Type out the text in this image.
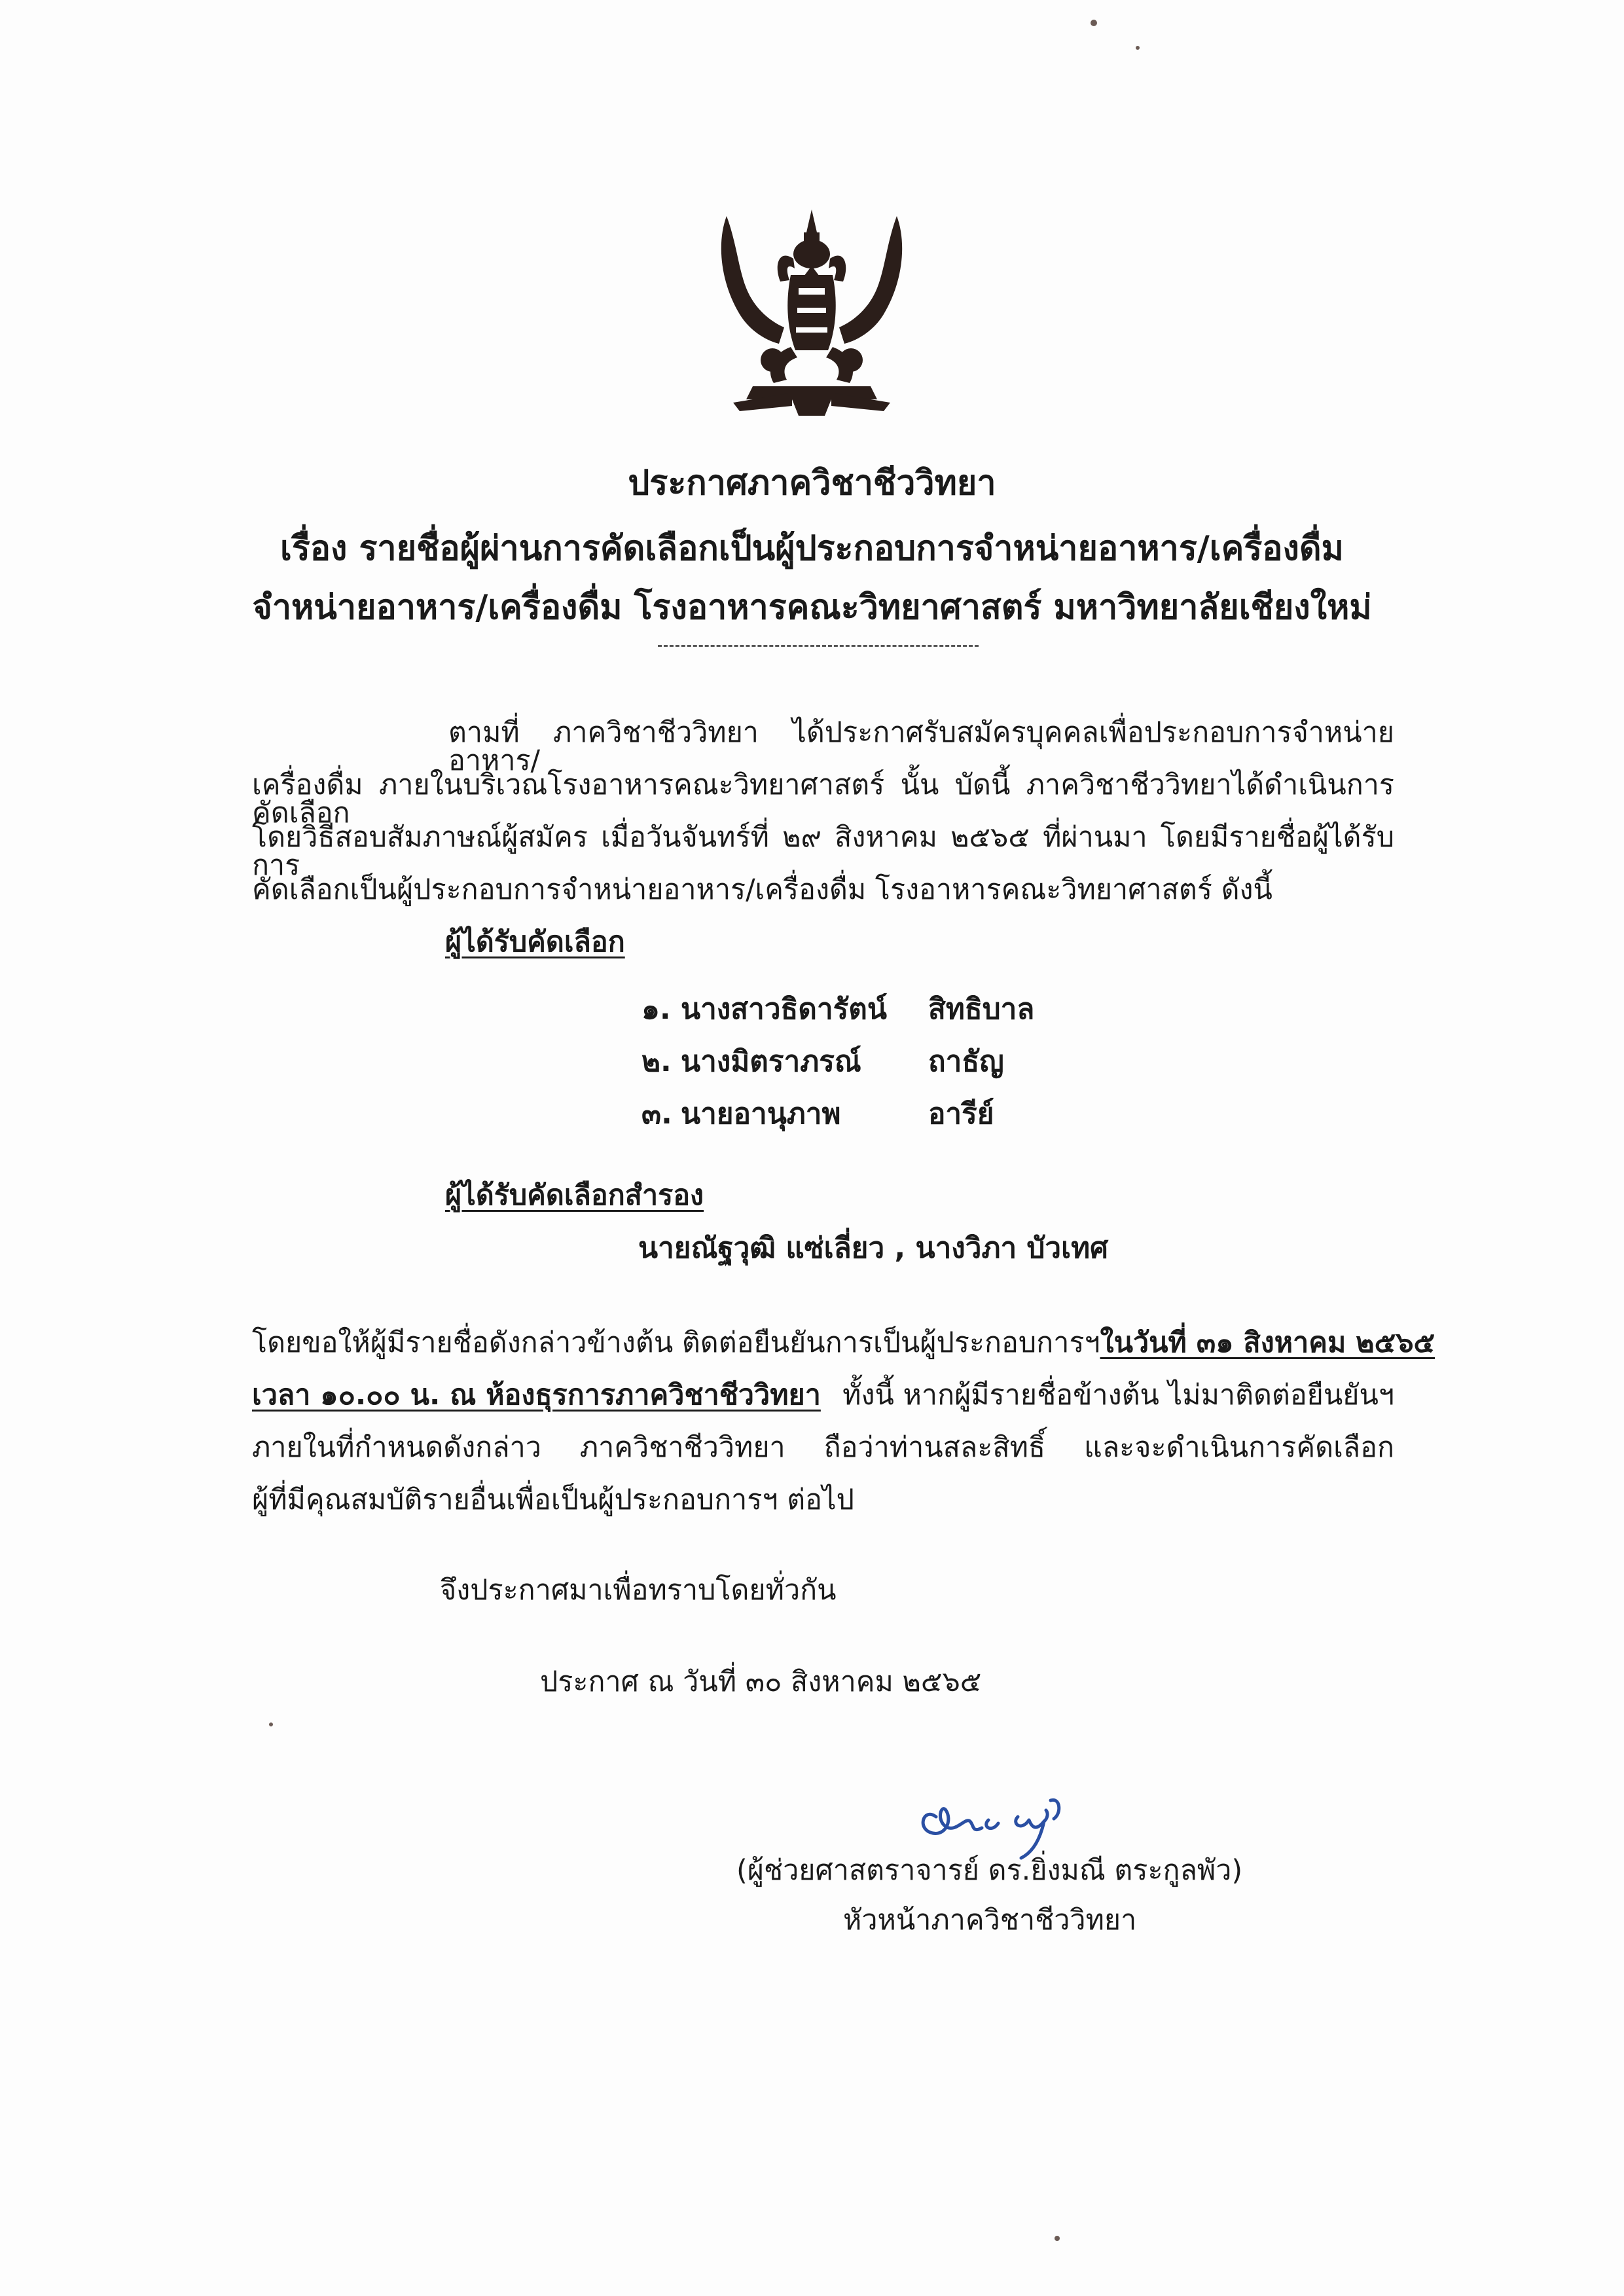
ประกาศภาควิชาชีววิทยา
เรื่อง รายชื่อผู้ผ่านการคัดเลือกเป็นผู้ประกอบการจำหน่ายอาหาร/เครื่องดื่ม
จำหน่ายอาหาร/เครื่องดื่ม โรงอาหารคณะวิทยาศาสตร์ มหาวิทยาลัยเชียงใหม่
ตามที่ ภาควิชาชีววิทยา ได้ประกาศรับสมัครบุคคลเพื่อประกอบการจำหน่ายอาหาร/
เครื่องดื่ม ภายในบริเวณโรงอาหารคณะวิทยาศาสตร์ นั้น บัดนี้ ภาควิชาชีววิทยาได้ดำเนินการคัดเลือก
โดยวิธีสอบสัมภาษณ์ผู้สมัคร เมื่อวันจันทร์ที่ ๒๙ สิงหาคม ๒๕๖๕ ที่ผ่านมา โดยมีรายชื่อผู้ได้รับการ
คัดเลือกเป็นผู้ประกอบการจำหน่ายอาหาร/เครื่องดื่ม โรงอาหารคณะวิทยาศาสตร์ ดังนี้
ผู้ได้รับคัดเลือก
๑. นางสาวธิดารัตน์ สิทธิบาล
๒. นางมิตราภรณ์ ถาธัญ
๓. นายอานุภาพ	อารีย์
ผู้ได้รับคัดเลือกสำรอง
นายณัฐวุฒิ แซ่เลี่ยว , นางวิภา บัวเทศ
โดยขอให้ผู้มีรายชื่อดังกล่าวข้างต้น ติดต่อยืนยันการเป็นผู้ประกอบการฯ ในวันที่ ๓๑ สิงหาคม ๒๕๖๕
เวลา ๑๐.๐๐ น. ณ ห้องธุรการภาควิชาชีววิทยา ทั้งนี้ หากผู้มีรายชื่อข้างต้น ไม่มาติดต่อยืนยันฯ
ภายในที่กำหนดดังกล่าว ภาควิชาชีววิทยา ถือว่าท่านสละสิทธิ์ และจะดำเนินการคัดเลือก
ผู้ที่มีคุณสมบัติรายอื่นเพื่อเป็นผู้ประกอบการฯ ต่อไป
จึงประกาศมาเพื่อทราบโดยทั่วกัน
ประกาศ ณ วันที่ ๓๐ สิงหาคม ๒๕๖๕
(ผู้ช่วยศาสตราจารย์ ดร.ยิ่งมณี ตระกูลพัว)
หัวหน้าภาควิชาชีววิทยา
